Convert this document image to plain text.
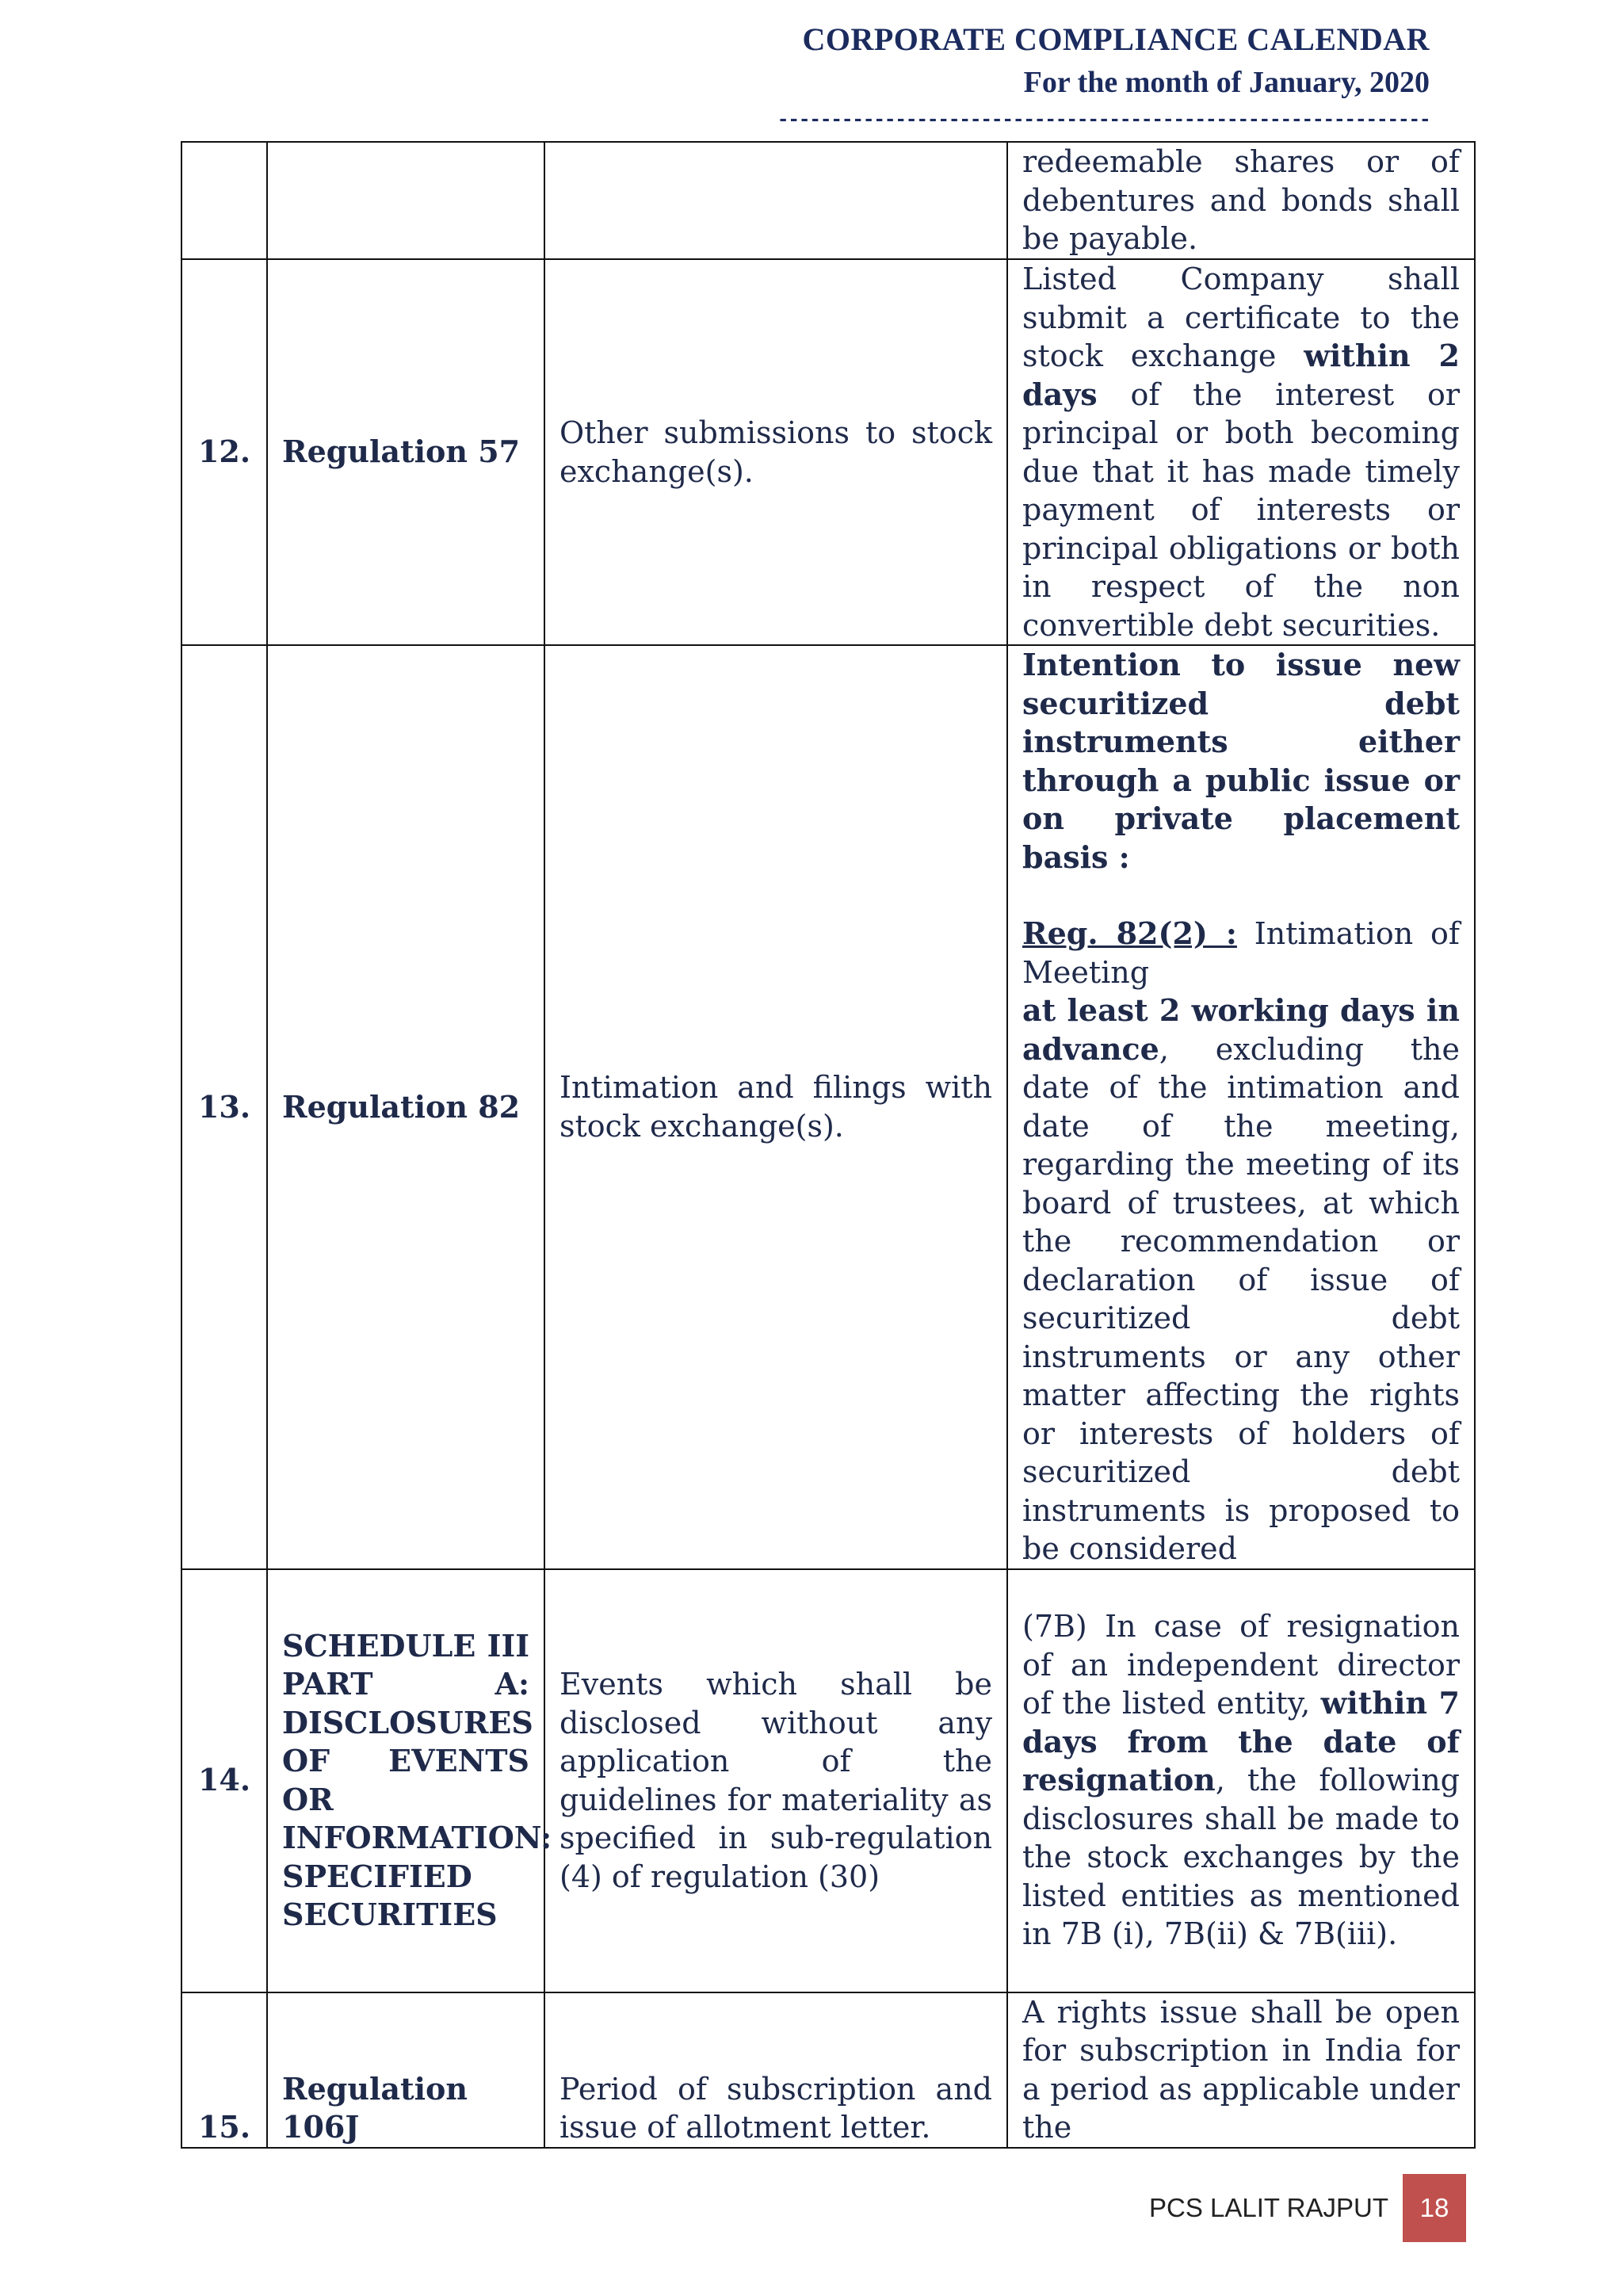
CORPORATE COMPLIANCE CALENDAR
For the month of January, 2020
-------------------------------------------------------------
			redeemable shares or of debentures and bonds shall be payable.
12.	Regulation 57	Other submissions to stock exchange(s).	Listed Company shall submit a certificate to the stock exchange within 2 days of the interest or principal or both becoming due that it has made timely payment of interests or principal obligations or both in respect of the non convertible debt securities.
13.	Regulation 82	Intimation and filings with stock exchange(s).	Intention to issue new securitized debt instruments either through a public issue or on private placement basis :
Reg. 82(2) : Intimation of Meeting
at least 2 working days in advance, excluding the date of the intimation and date of the meeting, regarding the meeting of its board of trustees, at which the recommendation or declaration of issue of securitized debt instruments or any other matter affecting the rights or interests of holders of securitized debt instruments is proposed to be considered

14.	SCHEDULE III PART A: DISCLOSURES OF EVENTS OR INFORMATION: SPECIFIED SECURITIES	Events which shall be disclosed without any application of the guidelines for materiality as specified in sub-regulation (4) of regulation (30)	(7B) In case of resignation of an independent director of the listed entity, within 7 days from the date of resignation, the following disclosures shall be made to the stock exchanges by the listed entities as mentioned in 7B (i), 7B(ii) & 7B(iii).
15.	Regulation 106J	Period of subscription and issue of allotment letter.	A rights issue shall be open for subscription in India for a period as applicable under the
PCS LALIT RAJPUT	18
